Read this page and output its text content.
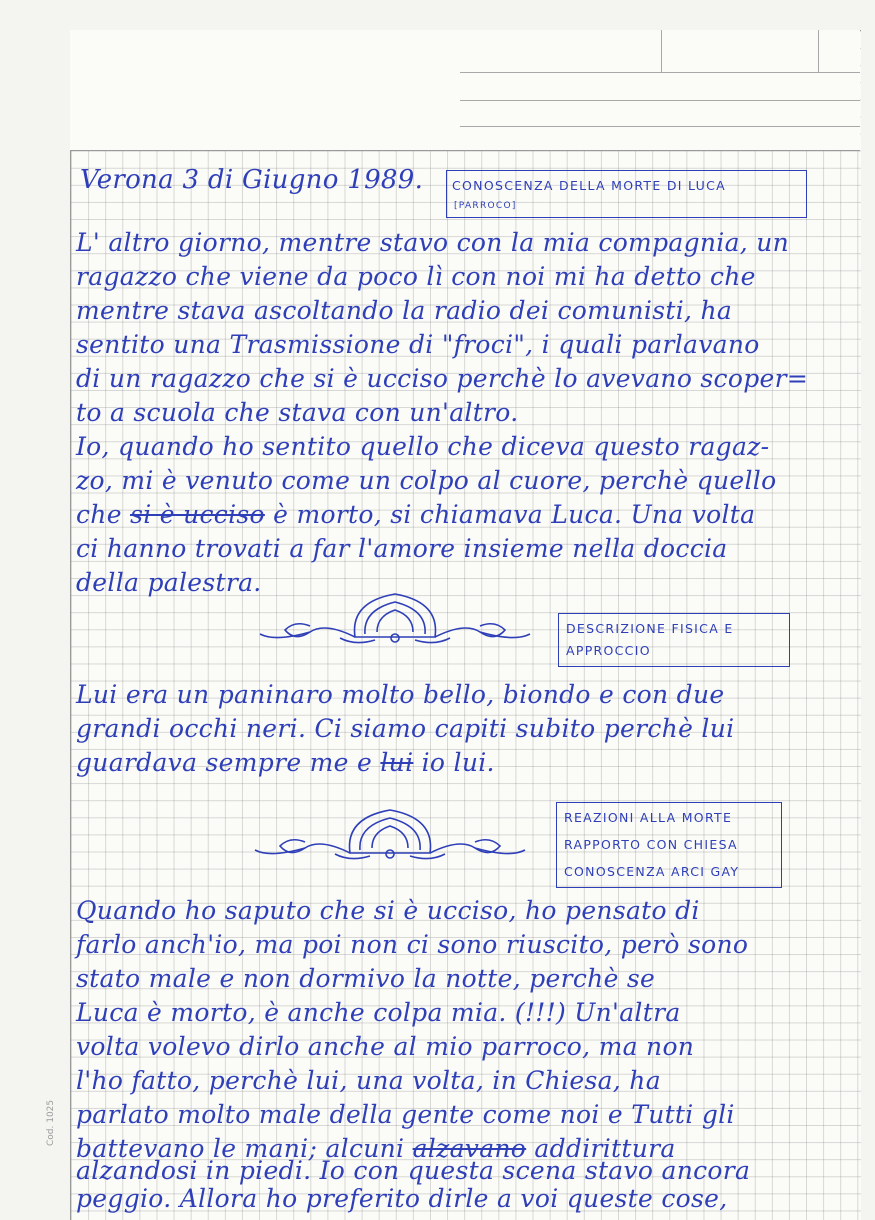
Cod. 1025
Verona 3 di Giugno 1989. CONOSCENZA DELLA MORTE DI LUCA
[PARROCO]
L' altro giorno, mentre stavo con la mia compagnia, un
ragazzo che viene da poco lì con noi mi ha detto che
mentre stava ascoltando la radio dei comunisti, ha
sentito una Trasmissione di "froci", i quali parlavano
di un ragazzo che si è ucciso perchè lo avevano scoper=
to a scuola che stava con un'altro.
Io, quando ho sentito quello che diceva questo ragaz-
zo, mi è venuto come un colpo al cuore, perchè quello
che si è ucciso è morto, si chiamava Luca. Una volta
ci hanno trovati a far l'amore insieme nella doccia
della palestra.
DESCRIZIONE FISICA E
APPROCCIO
Lui era un paninaro molto bello, biondo e con due
grandi occhi neri. Ci siamo capiti subito perchè lui
guardava sempre me e lui io lui.
REAZIONI ALLA MORTE
RAPPORTO CON CHIESA
CONOSCENZA ARCI GAY
Quando ho saputo che si è ucciso, ho pensato di
farlo anch'io, ma poi non ci sono riuscito, però sono
stato male e non dormivo la notte, perchè se
Luca è morto, è anche colpa mia. (!!!) Un'altra
volta volevo dirlo anche al mio parroco, ma non
l'ho fatto, perchè lui, una volta, in Chiesa, ha
parlato molto male della gente come noi e Tutti gli
battevano le mani; alcuni alzavano addirittura
alzandosi in piedi. Io con questa scena stavo ancora
peggio. Allora ho preferito dirle a voi queste cose,
